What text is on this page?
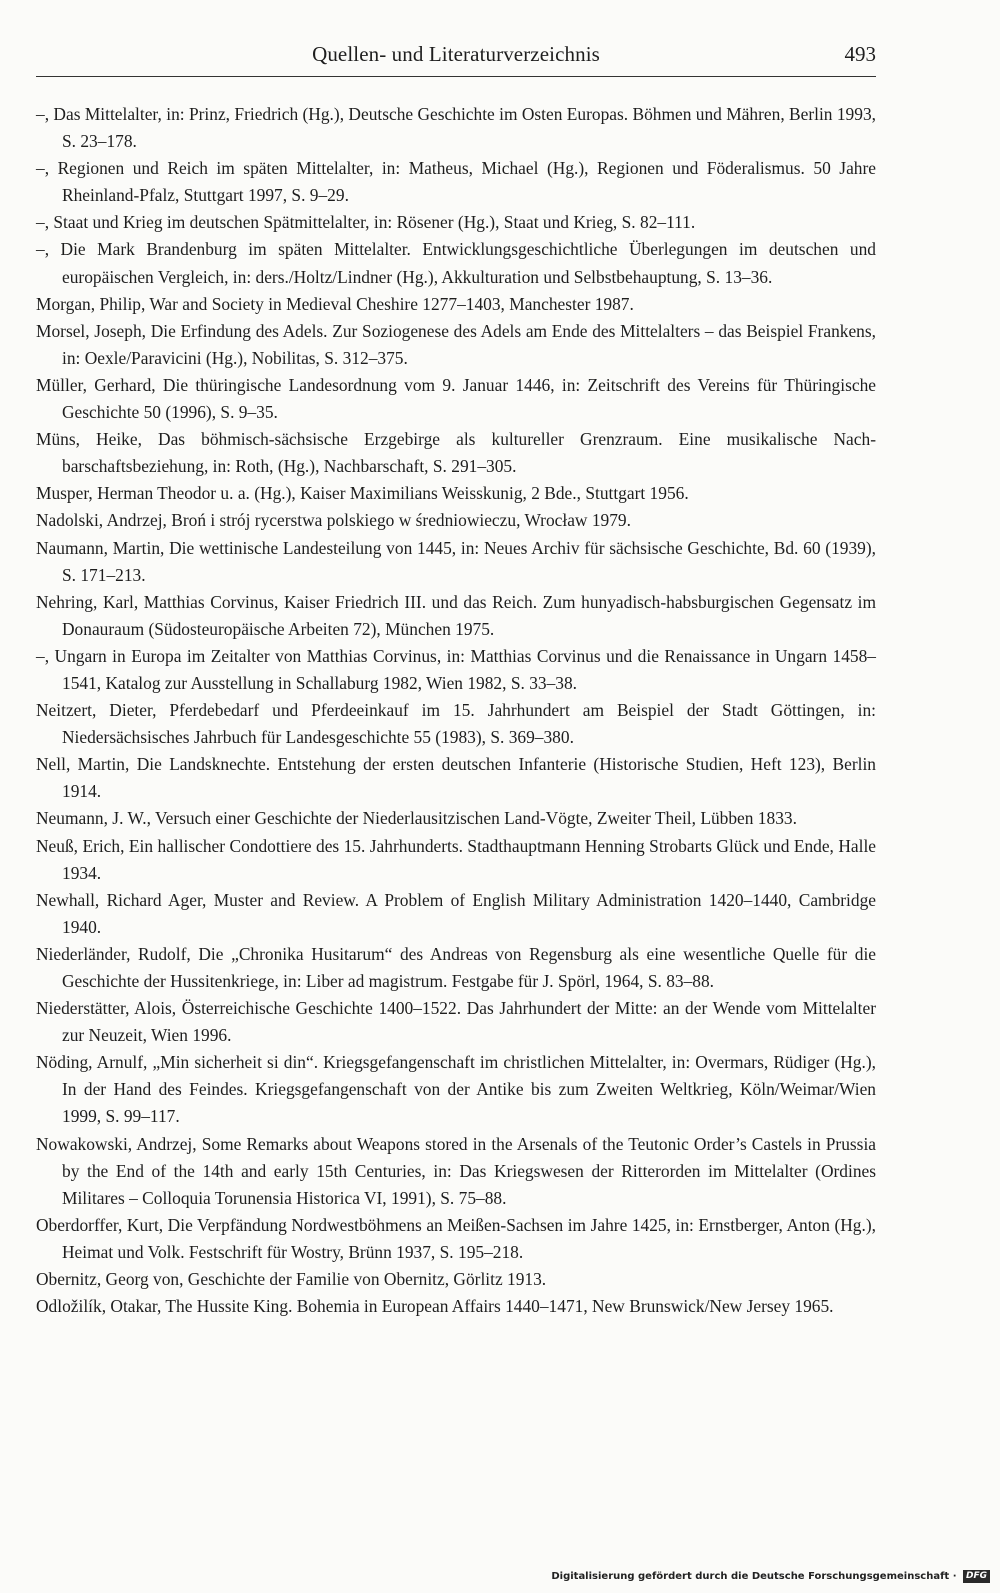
Quellen- und Literaturverzeichnis	493

–, Das Mittelalter, in: Prinz, Friedrich (Hg.), Deutsche Geschichte im Osten Europas. Böhmen und Mähren, Berlin 1993, S. 23–178.

–, Regionen und Reich im späten Mittelalter, in: Matheus, Michael (Hg.), Regionen und Föderalismus. 50 Jahre Rheinland-Pfalz, Stuttgart 1997, S. 9–29.

–, Staat und Krieg im deutschen Spätmittelalter, in: Rösener (Hg.), Staat und Krieg, S. 82–111.

–, Die Mark Brandenburg im späten Mittelalter. Entwicklungsgeschichtliche Überlegungen im deutschen und europäischen Vergleich, in: ders./Holtz/Lindner (Hg.), Akkulturation und Selbstbehauptung, S. 13–36.

Morgan, Philip, War and Society in Medieval Cheshire 1277–1403, Manchester 1987.

Morsel, Joseph, Die Erfindung des Adels. Zur Soziogenese des Adels am Ende des Mittelalters – das Beispiel Frankens, in: Oexle/Paravicini (Hg.), Nobilitas, S. 312–375.

Müller, Gerhard, Die thüringische Landesordnung vom 9. Januar 1446, in: Zeitschrift des Vereins für Thüringische Geschichte 50 (1996), S. 9–35.

Müns, Heike, Das böhmisch-sächsische Erzgebirge als kultureller Grenzraum. Eine musikalische Nachbarschaftsbeziehung, in: Roth, (Hg.), Nachbarschaft, S. 291–305.

Musper, Herman Theodor u. a. (Hg.), Kaiser Maximilians Weisskunig, 2 Bde., Stuttgart 1956.

Nadolski, Andrzej, Broń i strój rycerstwa polskiego w średniowieczu, Wrocław 1979.

Naumann, Martin, Die wettinische Landesteilung von 1445, in: Neues Archiv für sächsische Geschichte, Bd. 60 (1939), S. 171–213.

Nehring, Karl, Matthias Corvinus, Kaiser Friedrich III. und das Reich. Zum hunyadisch-habsburgischen Gegensatz im Donauraum (Südosteuropäische Arbeiten 72), München 1975.

–, Ungarn in Europa im Zeitalter von Matthias Corvinus, in: Matthias Corvinus und die Renaissance in Ungarn 1458–1541, Katalog zur Ausstellung in Schallaburg 1982, Wien 1982, S. 33–38.

Neitzert, Dieter, Pferdebedarf und Pferdeeinkauf im 15. Jahrhundert am Beispiel der Stadt Göttingen, in: Niedersächsisches Jahrbuch für Landesgeschichte 55 (1983), S. 369–380.

Nell, Martin, Die Landsknechte. Entstehung der ersten deutschen Infanterie (Historische Studien, Heft 123), Berlin 1914.

Neumann, J. W., Versuch einer Geschichte der Niederlausitzischen Land-Vögte, Zweiter Theil, Lübben 1833.

Neuß, Erich, Ein hallischer Condottiere des 15. Jahrhunderts. Stadthauptmann Henning Strobarts Glück und Ende, Halle 1934.

Newhall, Richard Ager, Muster and Review. A Problem of English Military Administration 1420–1440, Cambridge 1940.

Niederländer, Rudolf, Die „Chronika Husitarum“ des Andreas von Regensburg als eine wesentliche Quelle für die Geschichte der Hussitenkriege, in: Liber ad magistrum. Festgabe für J. Spörl, 1964, S. 83–88.

Niederstätter, Alois, Österreichische Geschichte 1400–1522. Das Jahrhundert der Mitte: an der Wende vom Mittelalter zur Neuzeit, Wien 1996.

Nöding, Arnulf, „Min sicherheit si din“. Kriegsgefangenschaft im christlichen Mittelalter, in: Overmars, Rüdiger (Hg.), In der Hand des Feindes. Kriegsgefangenschaft von der Antike bis zum Zweiten Weltkrieg, Köln/Weimar/Wien 1999, S. 99–117.

Nowakowski, Andrzej, Some Remarks about Weapons stored in the Arsenals of the Teutonic Order’s Castels in Prussia by the End of the 14th and early 15th Centuries, in: Das Kriegswesen der Ritterorden im Mittelalter (Ordines Militares – Colloquia Torunensia Historica VI, 1991), S. 75–88.

Oberdorffer, Kurt, Die Verpfändung Nordwestböhmens an Meißen-Sachsen im Jahre 1425, in: Ernstberger, Anton (Hg.), Heimat und Volk. Festschrift für Wostry, Brünn 1937, S. 195–218.

Obernitz, Georg von, Geschichte der Familie von Obernitz, Görlitz 1913.

Odložilík, Otakar, The Hussite King. Bohemia in European Affairs 1440–1471, New Brunswick/New Jersey 1965.

Digitalisierung gefördert durch die Deutsche Forschungsgemeinschaft · DFG
